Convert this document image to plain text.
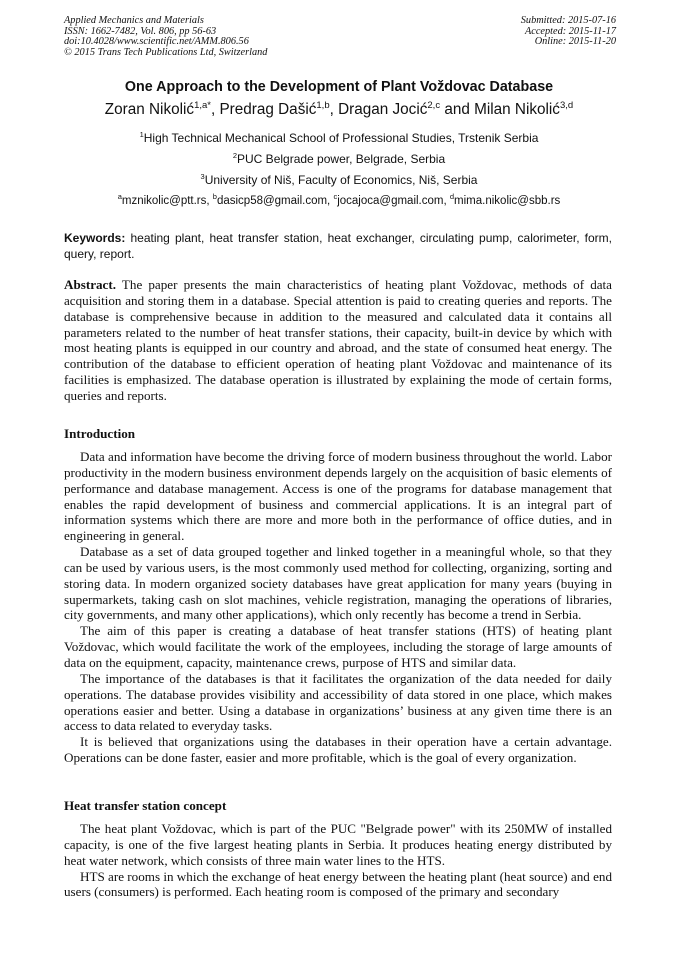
Applied Mechanics and Materials
ISSN: 1662-7482, Vol. 806, pp 56-63
doi:10.4028/www.scientific.net/AMM.806.56
© 2015 Trans Tech Publications Ltd, Switzerland
Submitted: 2015-07-16
Accepted: 2015-11-17
Online: 2015-11-20
One Approach to the Development of Plant Voždovac Database
Zoran Nikolić$^{1,a*}$, Predrag Dašić$^{1,b}$, Dragan Jocić$^{2,c}$ and Milan Nikolić$^{3,d}$
$^1$High Technical Mechanical School of Professional Studies, Trstenik Serbia
$^2$PUC Belgrade power, Belgrade, Serbia
$^3$University of Niš, Faculty of Economics, Niš, Serbia
$^a$mznikolic@ptt.rs, $^b$dasicp58@gmail.com, $^c$jocajoca@gmail.com, $^d$mima.nikolic@sbb.rs
Keywords: heating plant, heat transfer station, heat exchanger, circulating pump, calorimeter, form, query, report.
Abstract. The paper presents the main characteristics of heating plant Voždovac, methods of data acquisition and storing them in a database. Special attention is paid to creating queries and reports. The database is comprehensive because in addition to the measured and calculated data it contains all parameters related to the number of heat transfer stations, their capacity, built-in device by which with most heating plants is equipped in our country and abroad, and the state of consumed heat energy. The contribution of the database to efficient operation of heating plant Voždovac and maintenance of its facilities is emphasized. The database operation is illustrated by explaining the mode of certain forms, queries and reports.
Introduction

Data and information have become the driving force of modern business throughout the world. Labor productivity in the modern business environment depends largely on the acquisition of basic elements of performance and database management. Access is one of the programs for database management that enables the rapid development of business and commercial applications. It is an integral part of information systems which there are more and more both in the performance of office duties, and in engineering in general.

Database as a set of data grouped together and linked together in a meaningful whole, so that they can be used by various users, is the most commonly used method for collecting, organizing, sorting and storing data. In modern organized society databases have great application for many years (buying in supermarkets, taking cash on slot machines, vehicle registration, managing the operations of libraries, city governments, and many other applications), which only recently has become a trend in Serbia.

The aim of this paper is creating a database of heat transfer stations (HTS) of heating plant Voždovac, which would facilitate the work of the employees, including the storage of large amounts of data on the equipment, capacity, maintenance crews, purpose of HTS and similar data.

The importance of the databases is that it facilitates the organization of the data needed for daily operations. The database provides visibility and accessibility of data stored in one place, which makes operations easier and better. Using a database in organizations’ business at any given time there is an access to data related to everyday tasks.

It is believed that organizations using the databases in their operation have a certain advantage. Operations can be done faster, easier and more profitable, which is the goal of every organization.

Heat transfer station concept

The heat plant Voždovac, which is part of the PUC "Belgrade power" with its 250MW of installed capacity, is one of the five largest heating plants in Serbia. It produces heating energy distributed by heat water network, which consists of three main water lines to the HTS.

HTS are rooms in which the exchange of heat energy between the heating plant (heat source) and end users (consumers) is performed. Each heating room is composed of the primary and secondary
